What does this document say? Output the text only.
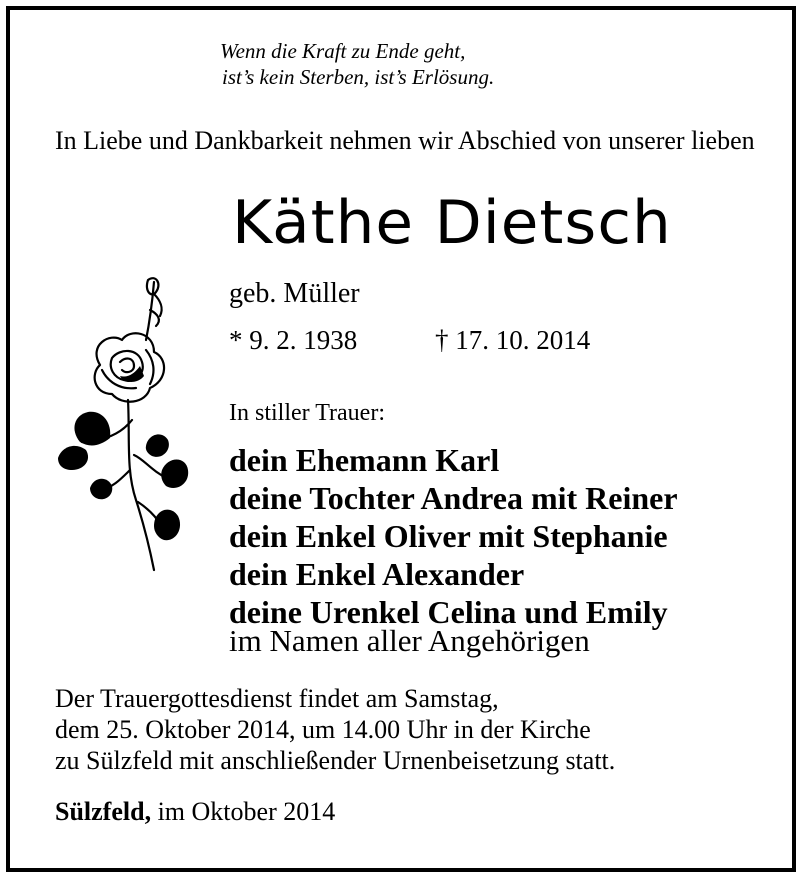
Wenn die Kraft zu Ende geht,
ist’s kein Sterben, ist’s Erlösung.
In Liebe und Dankbarkeit nehmen wir Abschied von unserer lieben
Käthe Dietsch
geb. Müller
* 9. 2. 1938	† 17. 10. 2014
In stiller Trauer:
dein Ehemann Karl
deine Tochter Andrea mit Reiner
dein Enkel Oliver mit Stephanie
dein Enkel Alexander
deine Urenkel Celina und Emily
im Namen aller Angehörigen
Der Trauergottesdienst findet am Samstag,
dem 25. Oktober 2014, um 14.00 Uhr in der Kirche
zu Sülzfeld mit anschließender Urnenbeisetzung statt.
Sülzfeld, im Oktober 2014
